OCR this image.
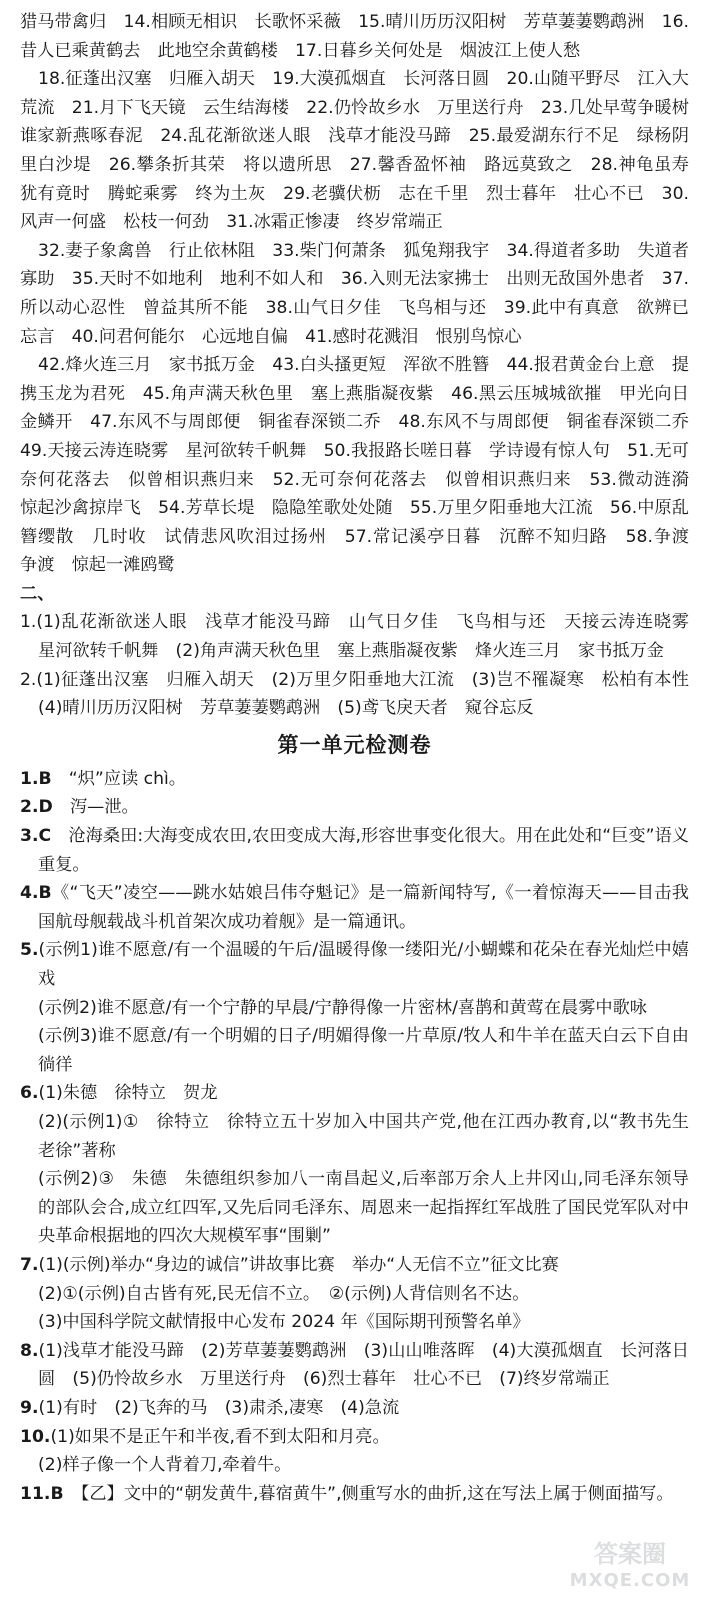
猎马带禽归　14.相顾无相识　长歌怀采薇　15.晴川历历汉阳树　芳草萋萋鹦鹉洲　16.昔人已乘黄鹤去　此地空余黄鹤楼　17.日暮乡关何处是　烟波江上使人愁

18.征蓬出汉塞　归雁入胡天　19.大漠孤烟直　长河落日圆　20.山随平野尽　江入大荒流　21.月下飞天镜　云生结海楼　22.仍怜故乡水　万里送行舟　23.几处早莺争暖树　谁家新燕啄春泥　24.乱花渐欲迷人眼　浅草才能没马蹄　25.最爱湖东行不足　绿杨阴里白沙堤　26.攀条折其荣　将以遗所思　27.馨香盈怀袖　路远莫致之　28.神龟虽寿　犹有竟时　腾蛇乘雾　终为土灰　29.老骥伏枥　志在千里　烈士暮年　壮心不已　30.风声一何盛　松枝一何劲　31.冰霜正惨凄　终岁常端正

32.妻子象禽兽　行止依林阻　33.柴门何萧条　狐兔翔我宇　34.得道者多助　失道者寡助　35.天时不如地利　地利不如人和　36.入则无法家拂士　出则无敌国外患者　37.所以动心忍性　曾益其所不能　38.山气日夕佳　飞鸟相与还　39.此中有真意　欲辨已忘言　40.问君何能尔　心远地自偏　41.感时花溅泪　恨别鸟惊心

42.烽火连三月　家书抵万金　43.白头搔更短　浑欲不胜簪　44.报君黄金台上意　提携玉龙为君死　45.角声满天秋色里　塞上燕脂凝夜紫　46.黑云压城城欲摧　甲光向日金鳞开　47.东风不与周郎便　铜雀春深锁二乔　48.东风不与周郎便　铜雀春深锁二乔　49.天接云涛连晓雾　星河欲转千帆舞　50.我报路长嗟日暮　学诗谩有惊人句　51.无可奈何花落去　似曾相识燕归来　52.无可奈何花落去　似曾相识燕归来　53.微动涟漪　惊起沙禽掠岸飞　54.芳草长堤　隐隐笙歌处处随　55.万里夕阳垂地大江流　56.中原乱　簪缨散　几时收　试倩悲风吹泪过扬州　57.常记溪亭日暮　沉醉不知归路　58.争渡　争渡　惊起一滩鸥鹭

二、

1.(1)乱花渐欲迷人眼　浅草才能没马蹄　山气日夕佳　飞鸟相与还　天接云涛连晓雾　星河欲转千帆舞　(2)角声满天秋色里　塞上燕脂凝夜紫　烽火连三月　家书抵万金

2.(1)征蓬出汉塞　归雁入胡天　(2)万里夕阳垂地大江流　(3)岂不罹凝寒　松柏有本性　(4)晴川历历汉阳树　芳草萋萋鹦鹉洲　(5)鸢飞戾天者　窥谷忘反

第一单元检测卷

1.B　 “炽”应读 chì。

2.D　 泻—泄。

3.C　 沧海桑田:大海变成农田,农田变成大海,形容世事变化很大。用在此处和“巨变”语义重复。

4.B《“飞天”凌空——跳水姑娘吕伟夺魁记》是一篇新闻特写,《一着惊海天——目击我国航母舰载战斗机首架次成功着舰》是一篇通讯。

5.(示例1)谁不愿意/有一个温暖的午后/温暖得像一缕阳光/小蝴蝶和花朵在春光灿烂中嬉戏

(示例2)谁不愿意/有一个宁静的早晨/宁静得像一片密林/喜鹊和黄莺在晨雾中歌咏

(示例3)谁不愿意/有一个明媚的日子/明媚得像一片草原/牧人和牛羊在蓝天白云下自由徜徉

6.(1)朱德　徐特立　贺龙

(2)(示例1)①　徐特立　徐特立五十岁加入中国共产党,他在江西办教育,以“教书先生老徐”著称

(示例2)③　朱德　朱德组织参加八一南昌起义,后率部万余人上井冈山,同毛泽东领导的部队会合,成立红四军,又先后同毛泽东、周恩来一起指挥红军战胜了国民党军队对中央革命根据地的四次大规模军事“围剿”

7.(1)(示例)举办“身边的诚信”讲故事比赛　举办“人无信不立”征文比赛

(2)①(示例)自古皆有死,民无信不立。　②(示例)人背信则名不达。

(3)中国科学院文献情报中心发布 2024 年《国际期刊预警名单》

8.(1)浅草才能没马蹄　(2)芳草萋萋鹦鹉洲　(3)山山唯落晖　(4)大漠孤烟直　长河落日圆　(5)仍怜故乡水　万里送行舟　(6)烈士暮年　壮心不已　(7)终岁常端正

9.(1)有时　(2)飞奔的马　(3)肃杀,凄寒　(4)急流

10.(1)如果不是正午和半夜,看不到太阳和月亮。

(2)样子像一个人背着刀,牵着牛。

11.B　 【乙】文中的“朝发黄牛,暮宿黄牛”,侧重写水的曲折,这在写法上属于侧面描写。

答案圈
MXQE.COM
